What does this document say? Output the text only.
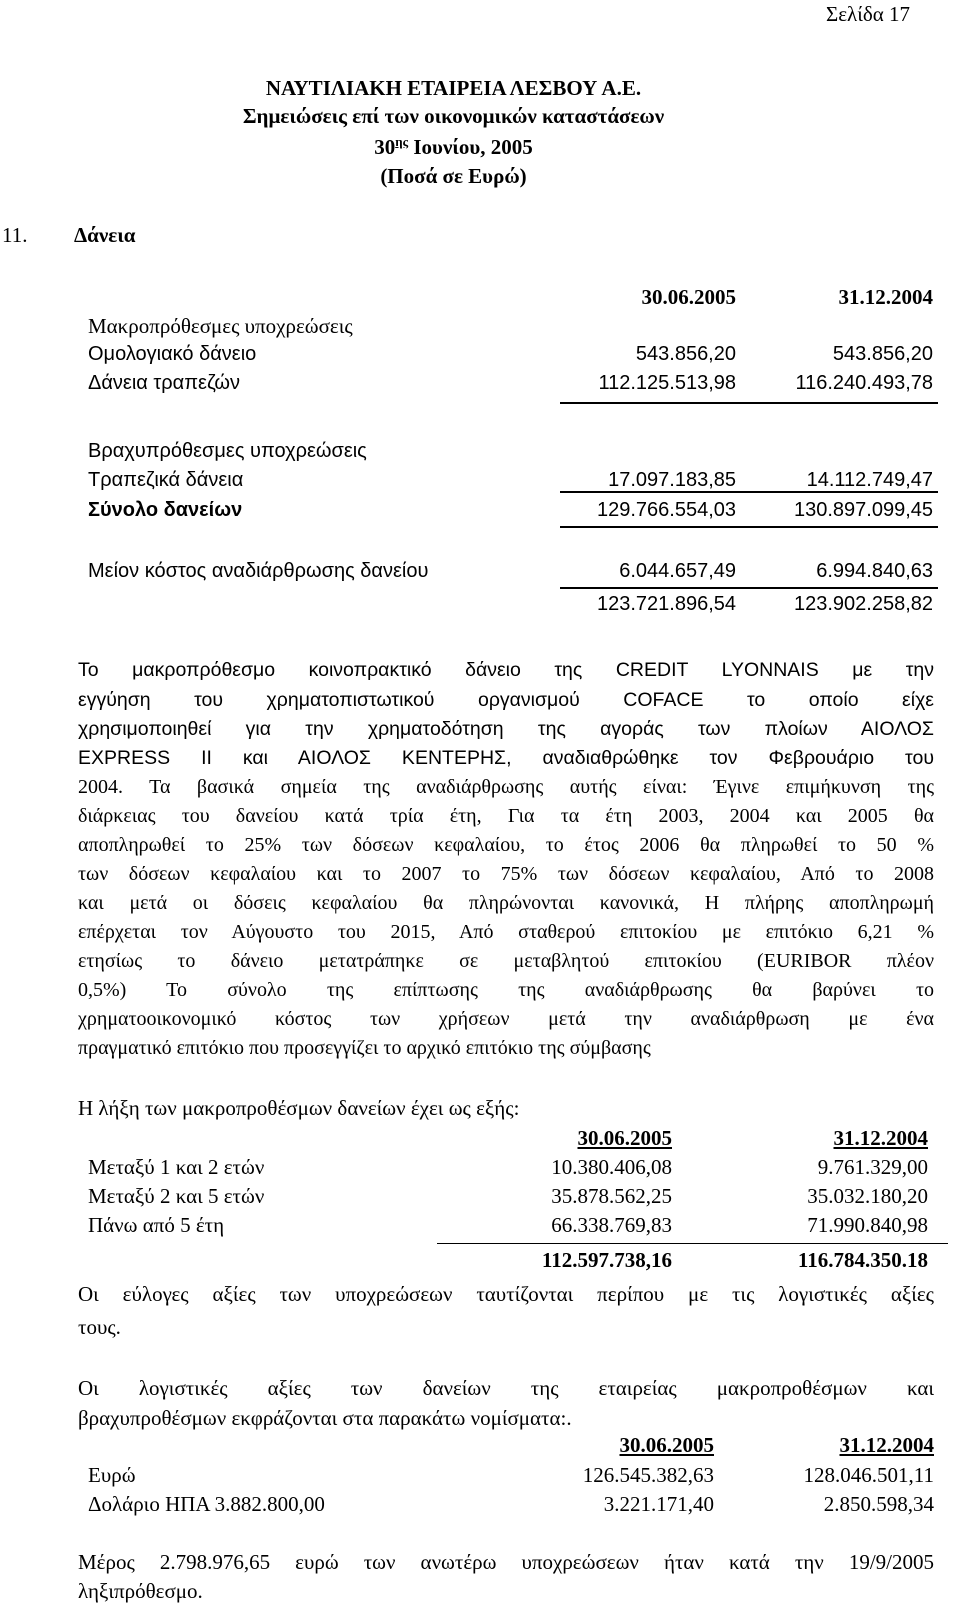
Σελίδα 17
ΝΑΥΤΙΛΙΑΚΗ ΕΤΑΙΡΕΙΑ ΛΕΣΒΟΥ Α.Ε.
Σημειώσεις επί των οικονομικών καταστάσεων
$30^{\eta\varsigma}$ Ιουνίου, 2005
(Ποσά σε Ευρώ)
11. Δάνεια
30.06.2005	31.12.2004
Μακροπρόθεσμες υποχρεώσεις
Ομολογιακό δάνειο	543.856,20	543.856,20
Δάνεια τραπεζών	112.125.513,98	116.240.493,78
Βραχυπρόθεσμες υποχρεώσεις
Τραπεζικά δάνεια	17.097.183,85	14.112.749,47
Σύνολο δανείων	129.766.554,03	130.897.099,45
Μείον κόστος αναδιάρθρωσης δανείου	6.044.657,49	6.994.840,63
123.721.896,54	123.902.258,82
Το μακροπρόθεσμο κοινοπρακτικό δάνειο της CREDIT LYONNAIS με την
εγγύηση του χρηματοπιστωτικού οργανισμού COFACE το οποίο είχε
χρησιμοποιηθεί για την χρηματοδότηση της αγοράς των πλοίων ΑΙΟΛΟΣ
EXPRESS II και ΑΙΟΛΟΣ ΚΕΝΤΕΡΗΣ, αναδιαθρώθηκε τον Φεβρουάριο του
2004. Τα βασικά σημεία της αναδιάρθρωσης αυτής είναι: Έγινε επιμήκυνση της
διάρκειας του δανείου κατά τρία έτη, Για τα έτη 2003, 2004 και 2005 θα
αποπληρωθεί το 25% των δόσεων κεφαλαίου, το έτος 2006 θα πληρωθεί το 50 %
των δόσεων κεφαλαίου και το 2007 το 75% των δόσεων κεφαλαίου, Από το 2008
και μετά οι δόσεις κεφαλαίου θα πληρώνονται κανονικά, Η πλήρης αποπληρωμή
επέρχεται τον Αύγουστο του 2015, Από σταθερού επιτοκίου με επιτόκιο 6,21 %
ετησίως το δάνειο μετατράπηκε σε μεταβλητού επιτοκίου (EURIBOR πλέον
0,5%) Το σύνολο της επίπτωσης της αναδιάρθρωσης θα βαρύνει το
χρηματοοικονομικό κόστος των χρήσεων μετά την αναδιάρθρωση με ένα
πραγματικό επιτόκιο που προσεγγίζει το αρχικό επιτόκιο της σύμβασης
Η λήξη των μακροπροθέσμων δανείων έχει ως εξής:
30.06.2005	31.12.2004
Μεταξύ 1 και 2 ετών	10.380.406,08	9.761.329,00
Μεταξύ 2 και 5 ετών	35.878.562,25	35.032.180,20
Πάνω από 5 έτη	66.338.769,83	71.990.840,98
112.597.738,16	116.784.350.18
Οι εύλογες αξίες των υποχρεώσεων ταυτίζονται περίπου με τις λογιστικές αξίες
τους.
Οι λογιστικές αξίες των δανείων της εταιρείας μακροπροθέσμων και
βραχυπροθέσμων εκφράζονται στα παρακάτω νομίσματα:.
30.06.2005	31.12.2004
Ευρώ	126.545.382,63	128.046.501,11
Δολάριο ΗΠΑ 3.882.800,00	3.221.171,40	2.850.598,34
Μέρος 2.798.976,65 ευρώ των ανωτέρω υποχρεώσεων ήταν κατά την 19/9/2005
ληξιπρόθεσμο.
